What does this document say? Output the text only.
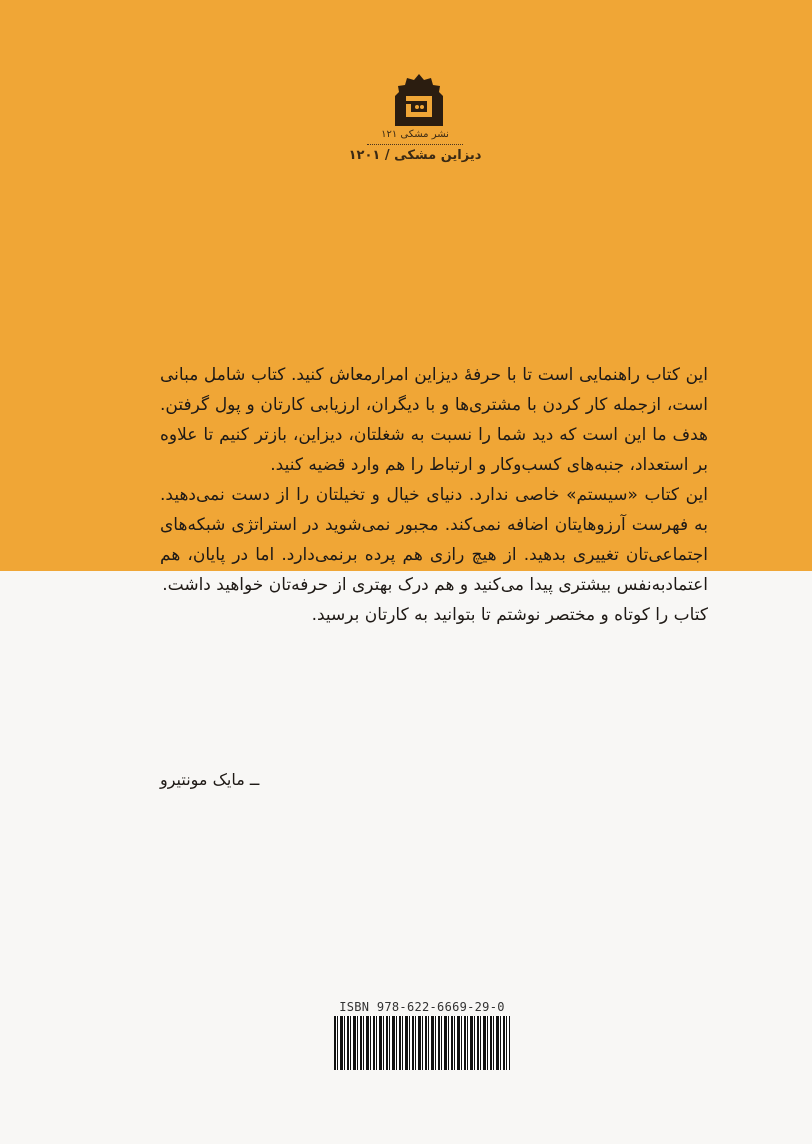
نشر مشکی ۱۲۱
دیزاین مشکی / ۱۲۰۱

این کتاب راهنمایی است تا با حرفهٔ دیزاین امرارمعاش کنید. کتاب شامل مبانی است، ازجمله کار کردن با مشتری‌ها و با دیگران، ارزیابی کارتان و پول گرفتن. هدف ما این است که دید شما را نسبت به شغلتان، دیزاین، بازتر کنیم تا علاوه بر استعداد، جنبه‌های کسب‌وکار و ارتباط را هم وارد قضیه کنید.

این کتاب «سیستم» خاصی ندارد. دنیای خیال و تخیلتان را از دست نمی‌دهید. به فهرست آرزوهایتان اضافه نمی‌کند. مجبور نمی‌شوید در استراتژی شبکه‌های اجتماعی‌تان تغییری بدهید. از هیچ رازی هم پرده برنمی‌دارد. اما در پایان، هم اعتمادبه‌نفس بیشتری پیدا می‌کنید و هم درک بهتری از حرفه‌تان خواهید داشت.

کتاب را کوتاه و مختصر نوشتم تا بتوانید به کارتان برسید.

ــ مایک مونتیرو
ISBN 978-622-6669-29-0
